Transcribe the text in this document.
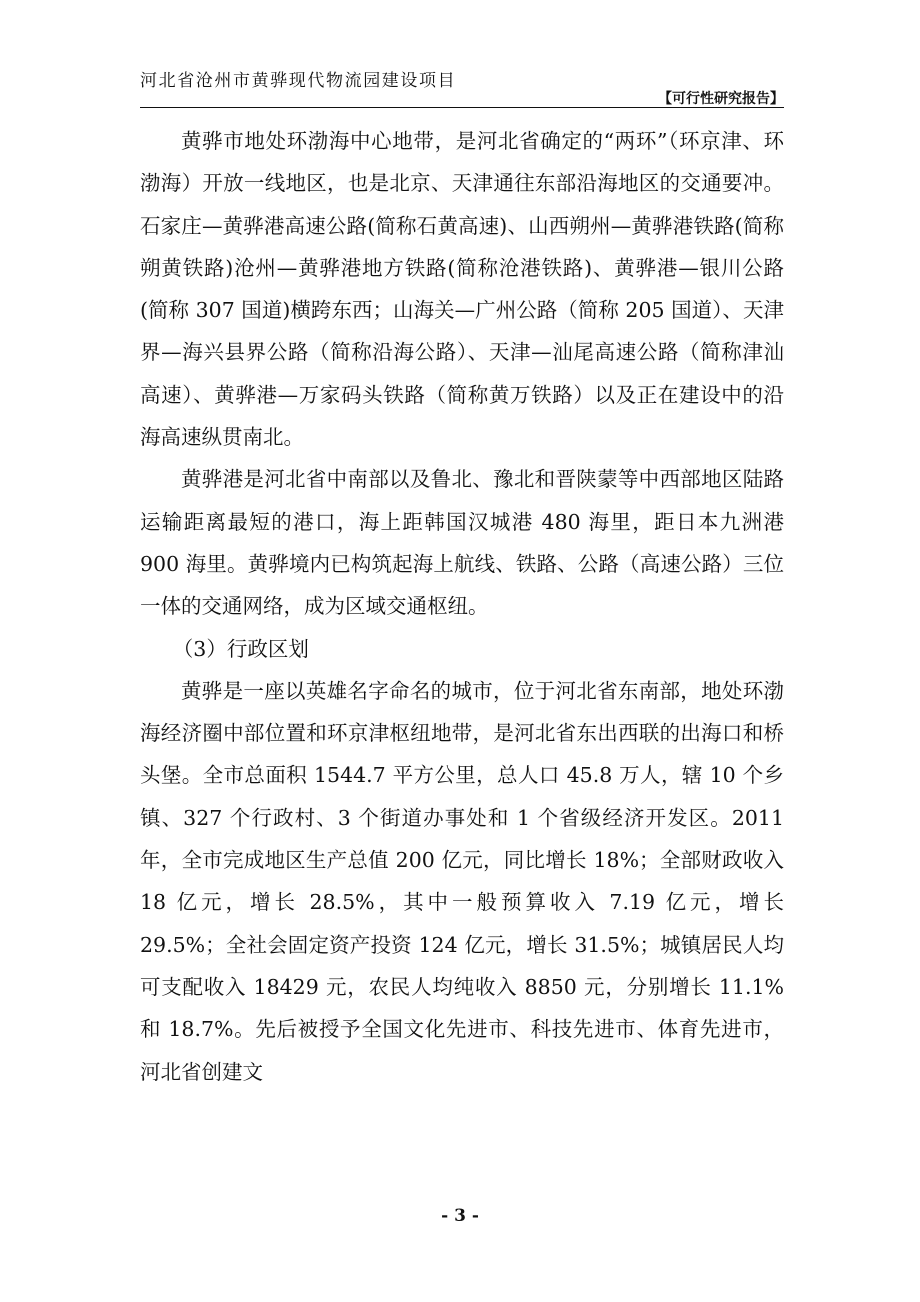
河北省沧州市黄骅现代物流园建设项目
【可行性研究报告】

黄骅市地处环渤海中心地带，是河北省确定的“两环”（环京津、环渤海）开放一线地区，也是北京、天津通往东部沿海地区的交通要冲。石家庄—黄骅港高速公路(简称石黄高速)、山西朔州—黄骅港铁路(简称朔黄铁路)沧州—黄骅港地方铁路(简称沧港铁路)、黄骅港—银川公路(简称 307 国道)横跨东西；山海关—广州公路（简称 205 国道）、天津界—海兴县界公路（简称沿海公路）、天津—汕尾高速公路（简称津汕高速）、黄骅港—万家码头铁路（简称黄万铁路）以及正在建设中的沿海高速纵贯南北。

黄骅港是河北省中南部以及鲁北、豫北和晋陕蒙等中西部地区陆路运输距离最短的港口，海上距韩国汉城港 480 海里，距日本九洲港 900 海里。黄骅境内已构筑起海上航线、铁路、公路（高速公路）三位一体的交通网络，成为区域交通枢纽。

（3）行政区划

黄骅是一座以英雄名字命名的城市，位于河北省东南部，地处环渤海经济圈中部位置和环京津枢纽地带，是河北省东出西联的出海口和桥头堡。全市总面积 1544.7 平方公里，总人口 45.8 万人，辖 10 个乡镇、327 个行政村、3 个街道办事处和 1 个省级经济开发区。2011 年，全市完成地区生产总值 200 亿元，同比增长 18%；全部财政收入 18 亿元，增长 28.5%，其中一般预算收入 7.19 亿元，增长 29.5%；全社会固定资产投资 124 亿元，增长 31.5%；城镇居民人均可支配收入 18429 元，农民人均纯收入 8850 元，分别增长 11.1%和 18.7%。先后被授予全国文化先进市、科技先进市、体育先进市，河北省创建文

- 3 -
